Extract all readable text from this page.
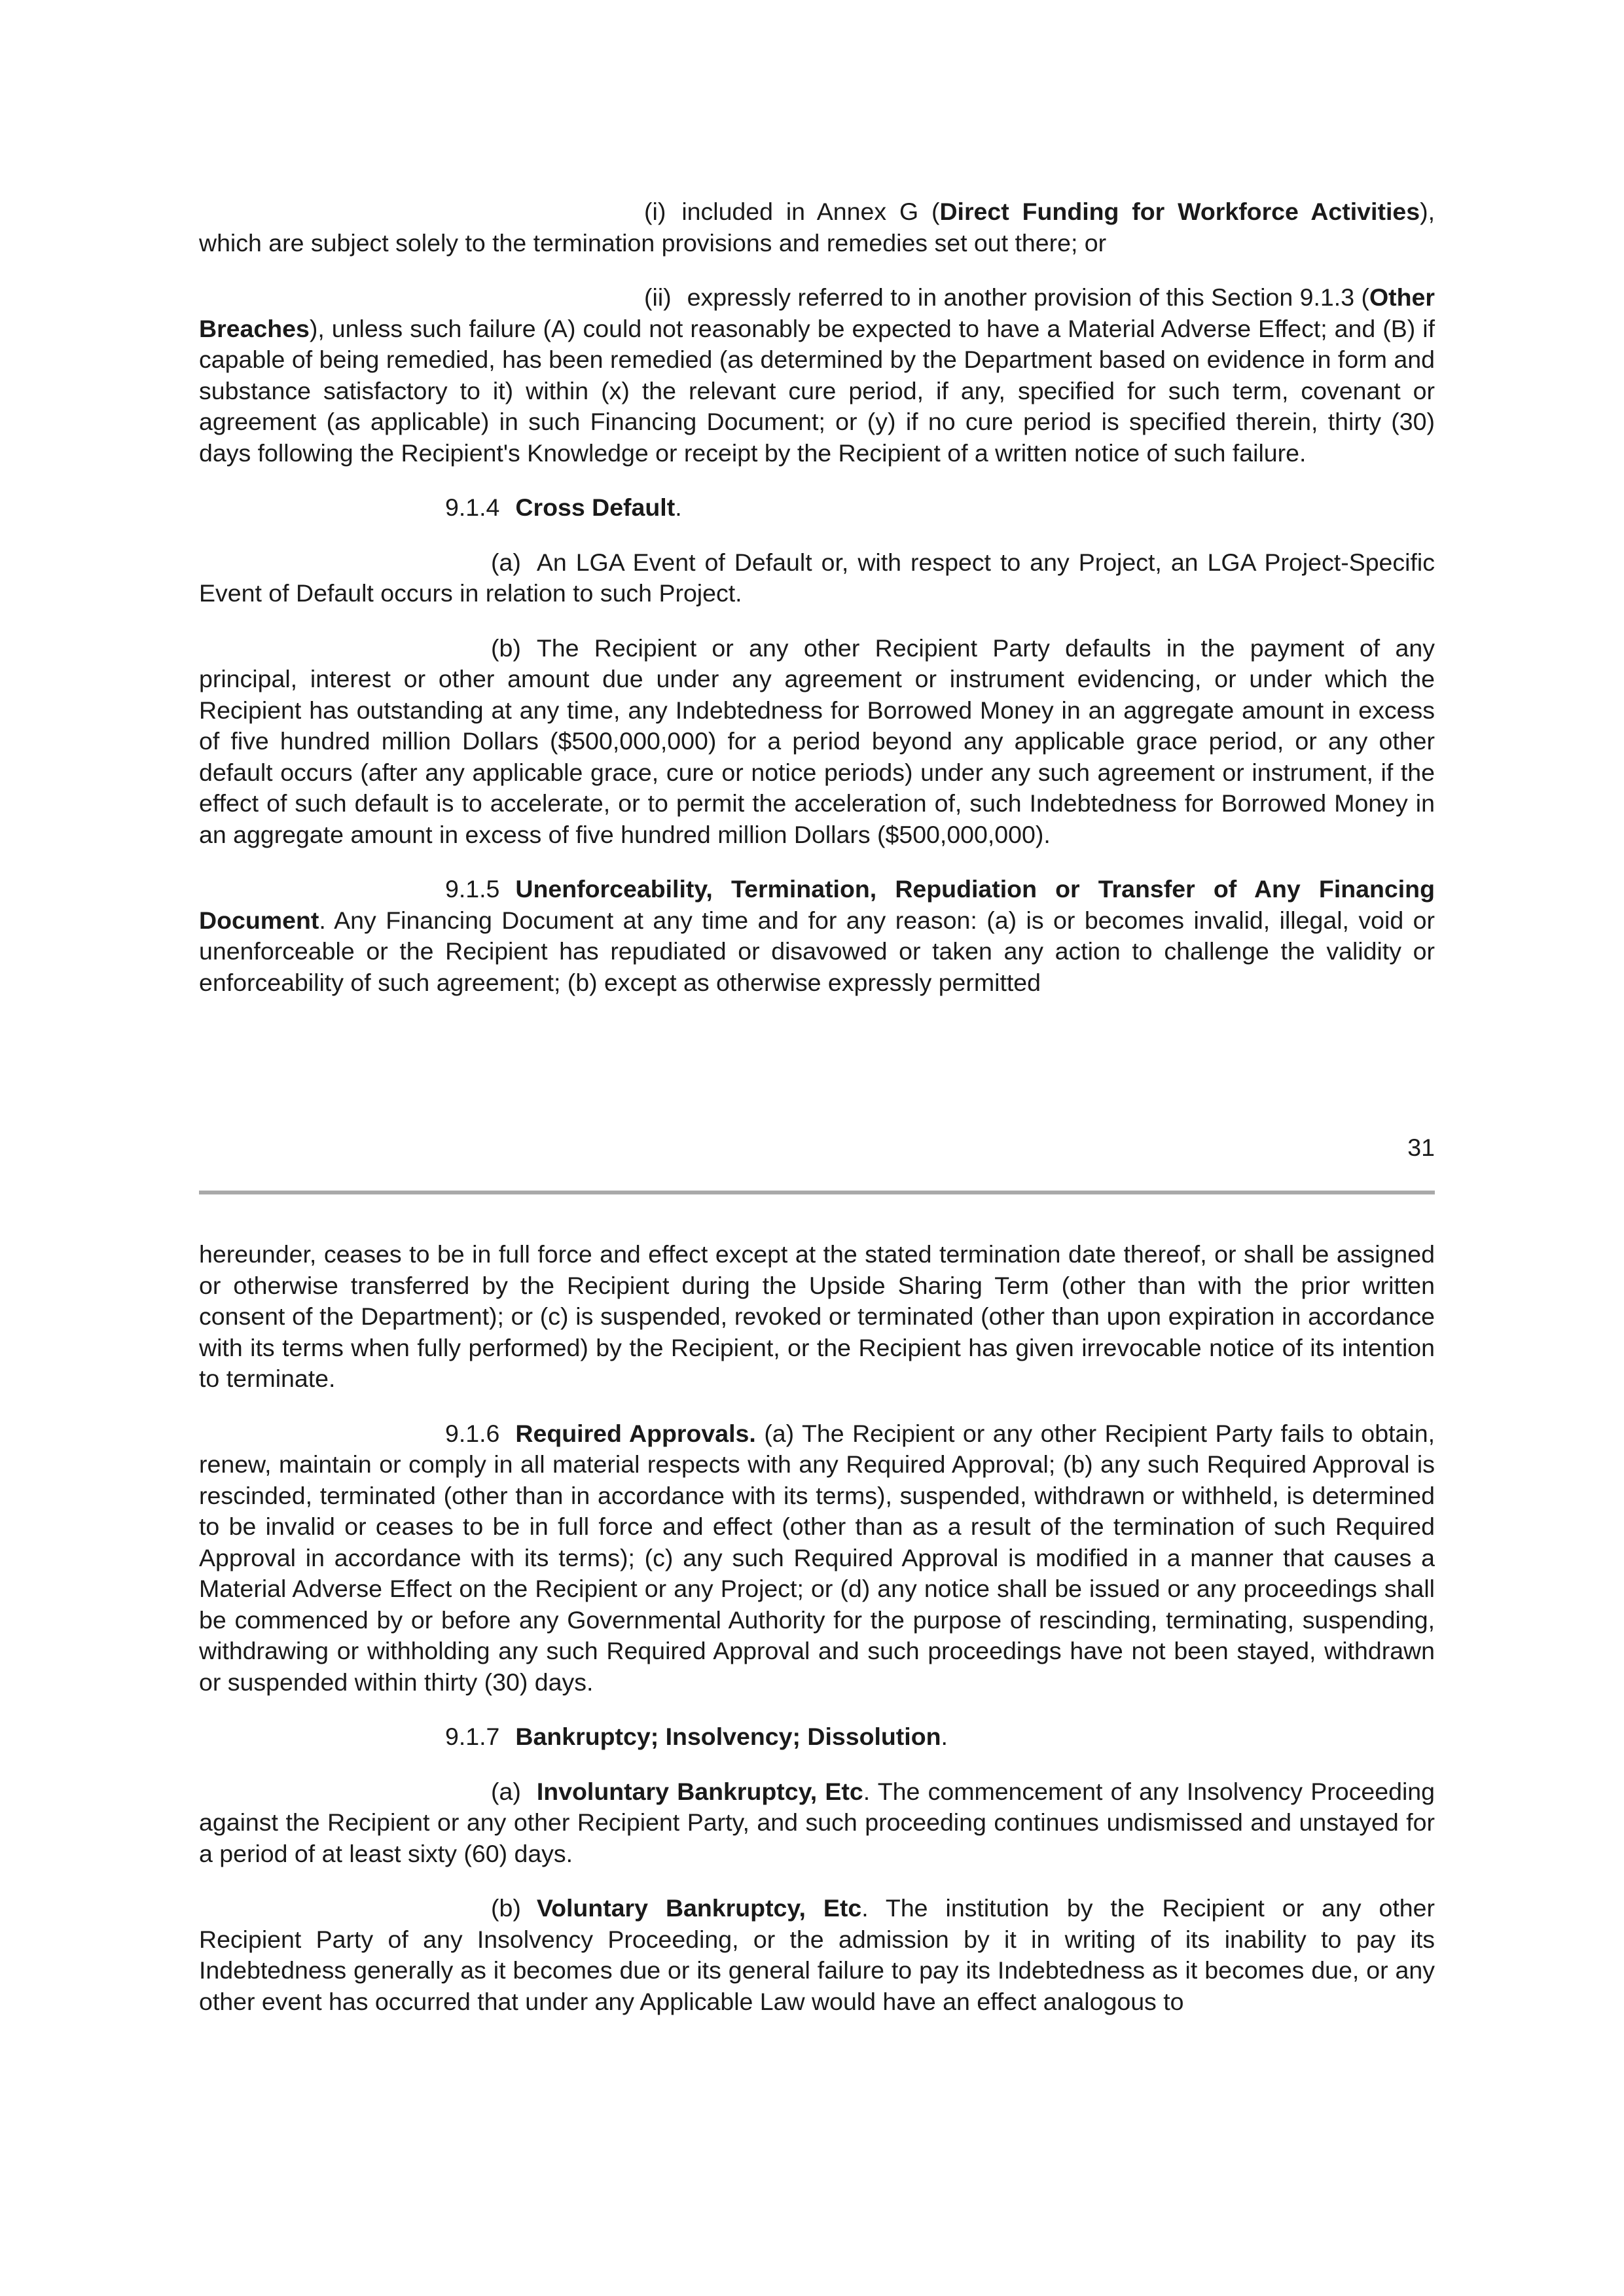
(i) included in Annex G (Direct Funding for Workforce Activities), which are subject solely to the termination provisions and remedies set out there; or

(ii) expressly referred to in another provision of this Section 9.1.3 (Other Breaches), unless such failure (A) could not reasonably be expected to have a Material Adverse Effect; and (B) if capable of being remedied, has been remedied (as determined by the Department based on evidence in form and substance satisfactory to it) within (x) the relevant cure period, if any, specified for such term, covenant or agreement (as applicable) in such Financing Document; or (y) if no cure period is specified therein, thirty (30) days following the Recipient's Knowledge or receipt by the Recipient of a written notice of such failure.

9.1.4 Cross Default.

(a) An LGA Event of Default or, with respect to any Project, an LGA Project-Specific Event of Default occurs in relation to such Project.

(b) The Recipient or any other Recipient Party defaults in the payment of any principal, interest or other amount due under any agreement or instrument evidencing, or under which the Recipient has outstanding at any time, any Indebtedness for Borrowed Money in an aggregate amount in excess of five hundred million Dollars ($500,000,000) for a period beyond any applicable grace period, or any other default occurs (after any applicable grace, cure or notice periods) under any such agreement or instrument, if the effect of such default is to accelerate, or to permit the acceleration of, such Indebtedness for Borrowed Money in an aggregate amount in excess of five hundred million Dollars ($500,000,000).

9.1.5 Unenforceability, Termination, Repudiation or Transfer of Any Financing Document. Any Financing Document at any time and for any reason: (a) is or becomes invalid, illegal, void or unenforceable or the Recipient has repudiated or disavowed or taken any action to challenge the validity or enforceability of such agreement; (b) except as otherwise expressly permitted

31

hereunder, ceases to be in full force and effect except at the stated termination date thereof, or shall be assigned or otherwise transferred by the Recipient during the Upside Sharing Term (other than with the prior written consent of the Department); or (c) is suspended, revoked or terminated (other than upon expiration in accordance with its terms when fully performed) by the Recipient, or the Recipient has given irrevocable notice of its intention to terminate.

9.1.6 Required Approvals. (a) The Recipient or any other Recipient Party fails to obtain, renew, maintain or comply in all material respects with any Required Approval; (b) any such Required Approval is rescinded, terminated (other than in accordance with its terms), suspended, withdrawn or withheld, is determined to be invalid or ceases to be in full force and effect (other than as a result of the termination of such Required Approval in accordance with its terms); (c) any such Required Approval is modified in a manner that causes a Material Adverse Effect on the Recipient or any Project; or (d) any notice shall be issued or any proceedings shall be commenced by or before any Governmental Authority for the purpose of rescinding, terminating, suspending, withdrawing or withholding any such Required Approval and such proceedings have not been stayed, withdrawn or suspended within thirty (30) days.

9.1.7 Bankruptcy; Insolvency; Dissolution.

(a) Involuntary Bankruptcy, Etc. The commencement of any Insolvency Proceeding against the Recipient or any other Recipient Party, and such proceeding continues undismissed and unstayed for a period of at least sixty (60) days.

(b) Voluntary Bankruptcy, Etc. The institution by the Recipient or any other Recipient Party of any Insolvency Proceeding, or the admission by it in writing of its inability to pay its Indebtedness generally as it becomes due or its general failure to pay its Indebtedness as it becomes due, or any other event has occurred that under any Applicable Law would have an effect analogous to
